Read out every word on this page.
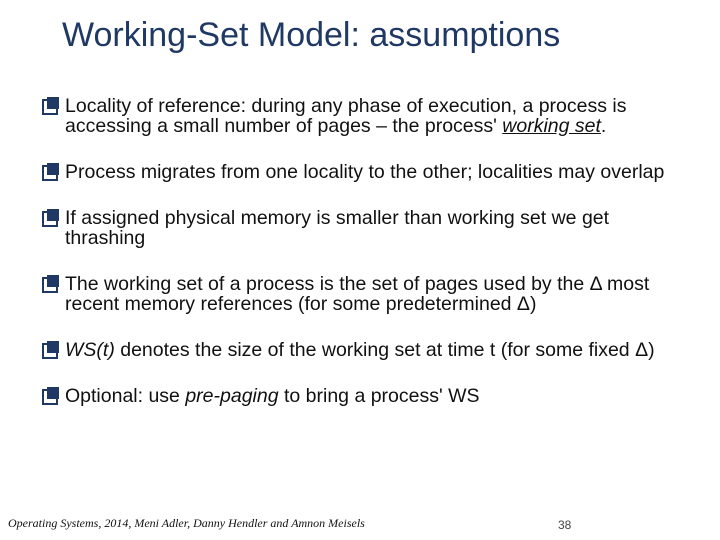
Working-Set Model: assumptions
Locality of reference: during any phase of execution, a process is accessing a small number of pages – the process' working set.
Process migrates from one locality to the other; localities may overlap
If assigned physical memory is smaller than working set we get thrashing
The working set of a process is the set of pages used by the Δ most recent memory references (for some predetermined Δ)
WS(t) denotes the size of the working set at time t (for some fixed Δ)
Optional: use pre-paging to bring a process' WS
Operating Systems, 2014, Meni Adler, Danny Hendler and Amnon Meisels	38
